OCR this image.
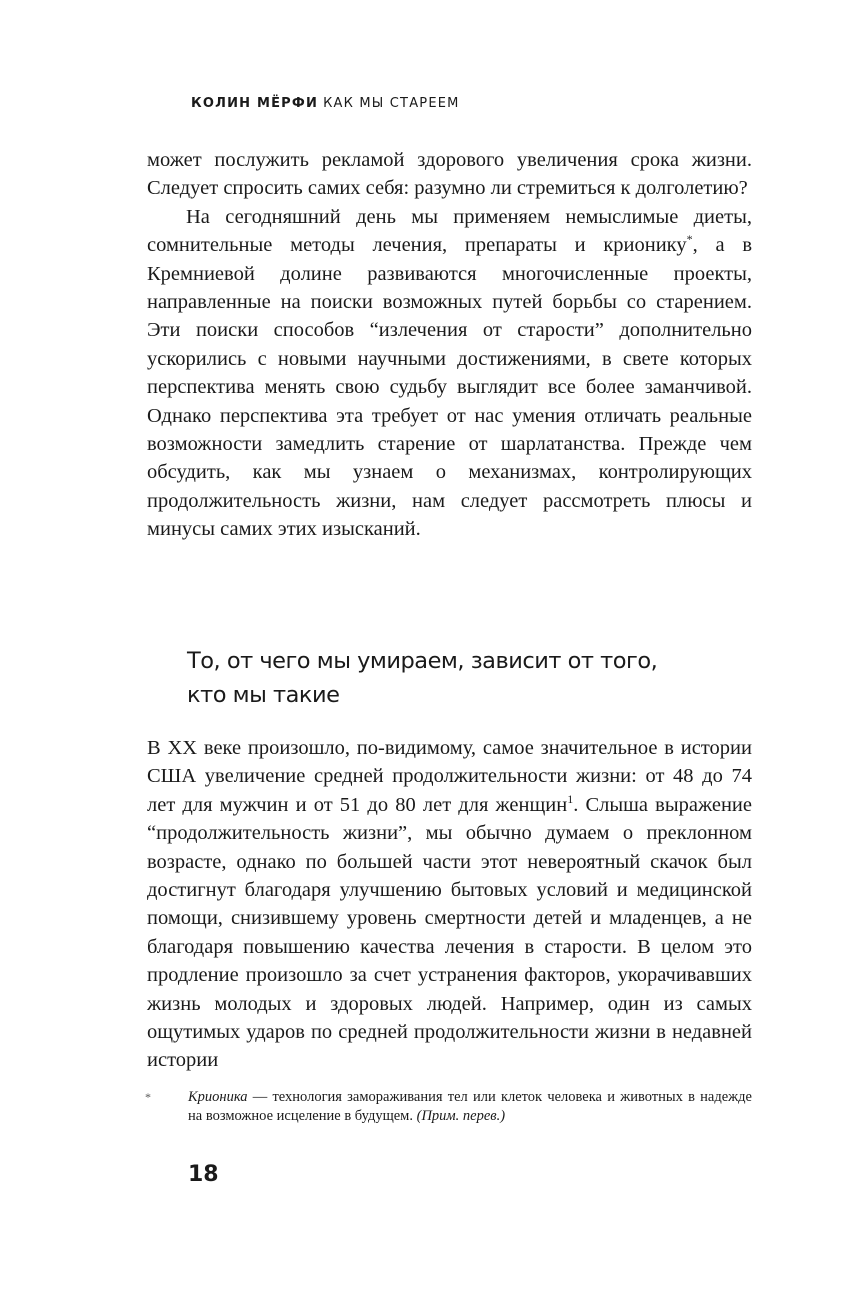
КОЛИН МЁРФИ КАК МЫ СТАРЕЕМ

может послужить рекламой здорового увеличения срока жизни. Следует спросить самих себя: разумно ли стремиться к долголетию?

На сегодняшний день мы применяем немыслимые диеты, сомнительные методы лечения, препараты и крионику*, а в Кремниевой долине развиваются многочисленные проекты, направленные на поиски возможных путей борьбы со старением. Эти поиски способов “излечения от старости” дополнительно ускорились с новыми научными достижениями, в свете которых перспектива менять свою судьбу выглядит все более заманчивой. Однако перспектива эта требует от нас умения отличать реальные возможности замедлить старение от шарлатанства. Прежде чем обсудить, как мы узнаем о механизмах, контролирующих продолжительность жизни, нам следует рассмотреть плюсы и минусы самих этих изысканий.

То, от чего мы умираем, зависит от того,
кто мы такие

В XX веке произошло, по-видимому, самое значительное в истории США увеличение средней продолжительности жизни: от 48 до 74 лет для мужчин и от 51 до 80 лет для женщин$^1$. Слыша выражение “продолжительность жизни”, мы обычно думаем о преклонном возрасте, однако по большей части этот невероятный скачок был достигнут благодаря улучшению бытовых условий и медицинской помощи, снизившему уровень смертности детей и младенцев, а не благодаря повышению качества лечения в старости. В целом это продление произошло за счет устранения факторов, укорачивавших жизнь молодых и здоровых людей. Например, один из самых ощутимых ударов по средней продолжительности жизни в недавней истории

*	Крионика — технология замораживания тел или клеток человека и животных в надежде на возможное исцеление в будущем. (Прим. перев.)
18
